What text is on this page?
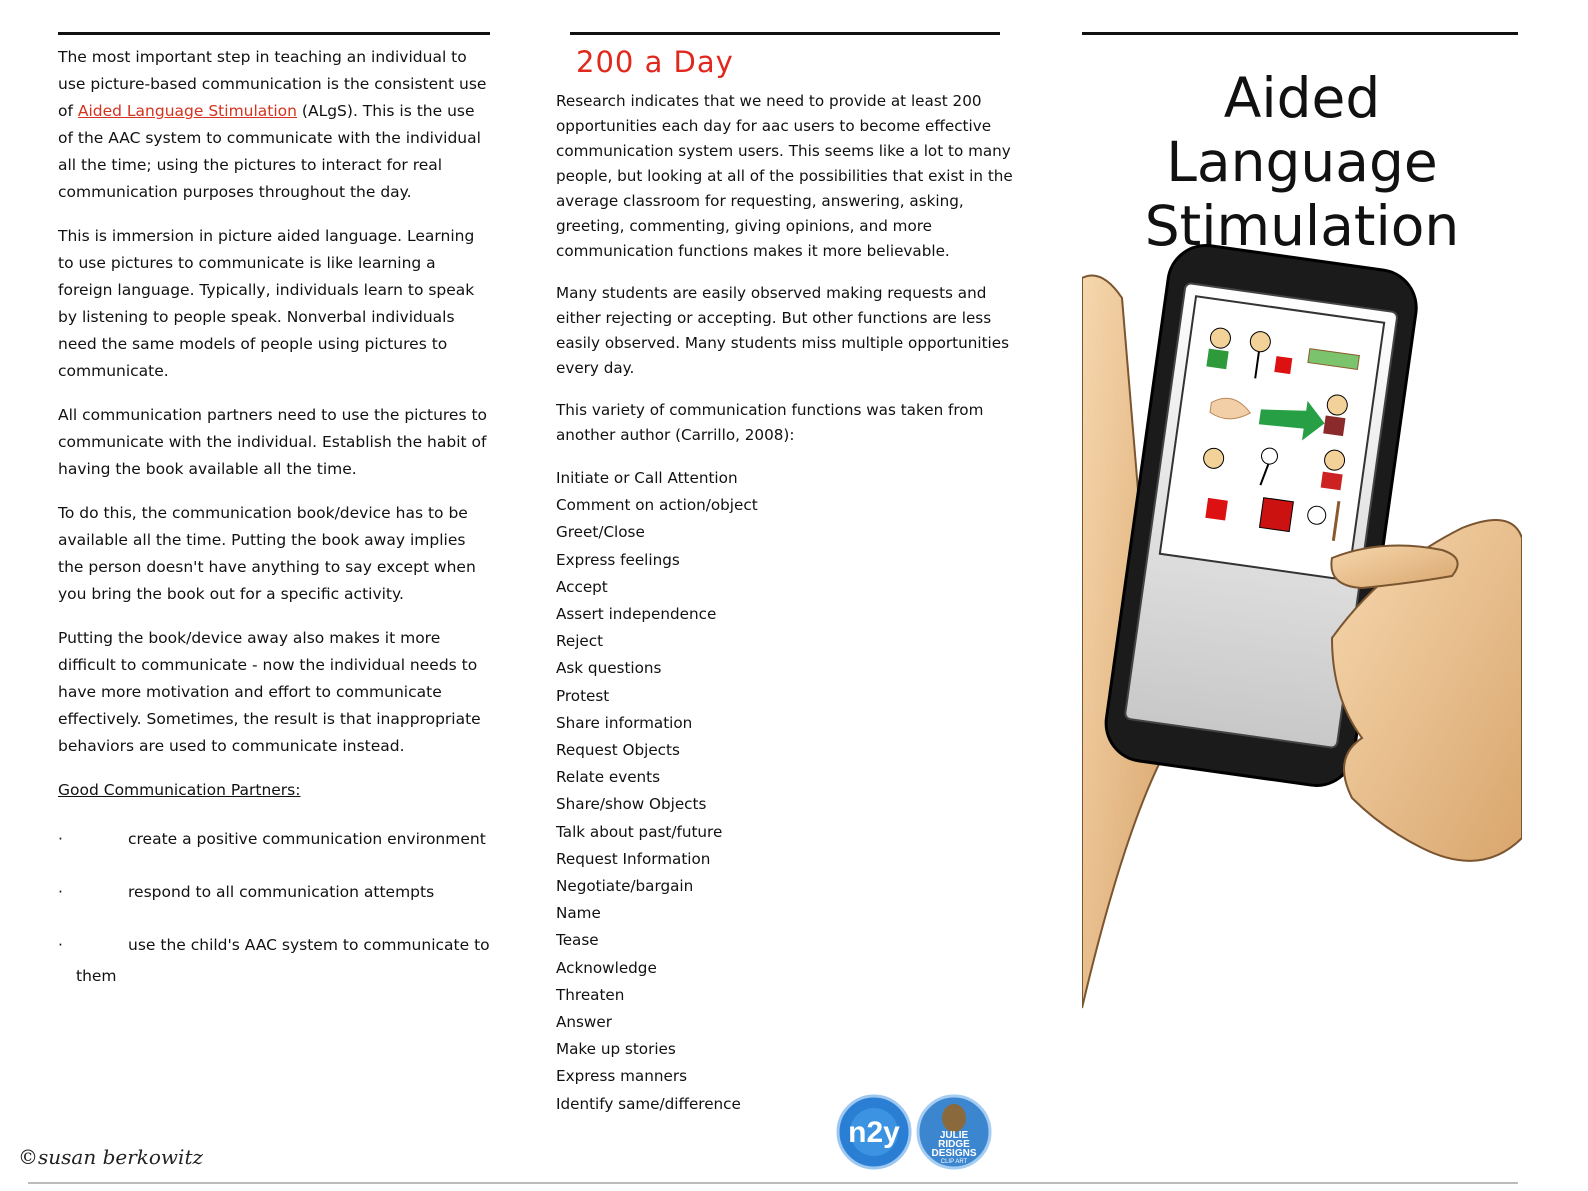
The most important step in teaching an individual to use picture-based communication is the consistent use of Aided Language Stimulation (ALgS). This is the use of the AAC system to communicate with the individual all the time; using the pictures to interact for real communication purposes throughout the day.

This is immersion in picture aided language. Learning to use pictures to communicate is like learning a foreign language. Typically, individuals learn to speak by listening to people speak. Nonverbal individuals need the same models of people using pictures to communicate.

All communication partners need to use the pictures to communicate with the individual. Establish the habit of having the book available all the time.

To do this, the communication book/device has to be available all the time. Putting the book away implies the person doesn't have anything to say except when you bring the book out for a specific activity.

Putting the book/device away also makes it more difficult to communicate - now the individual needs to have more motivation and effort to communicate effectively. Sometimes, the result is that inappropriate behaviors are used to communicate instead.

Good Communication Partners:

·	create a positive communication environment
·	respond to all communication attempts
·	use the child's AAC system to communicate to
them
200 a Day

Research indicates that we need to provide at least 200 opportunities each day for aac users to become effective communication system users. This seems like a lot to many people, but looking at all of the possibilities that exist in the average classroom for requesting, answering, asking, greeting, commenting, giving opinions, and more communication functions makes it more believable.

Many students are easily observed making requests and either rejecting or accepting. But other functions are less easily observed. Many students miss multiple opportunities every day.

This variety of communication functions was taken from another author (Carrillo, 2008):

Initiate or Call Attention
Comment on action/object
Greet/Close
Express feelings
Accept
Assert independence
Reject
Ask questions
Protest
Share information
Request Objects
Relate events
Share/show Objects
Talk about past/future
Request Information
Negotiate/bargain
Name
Tease
Acknowledge
Threaten
Answer
Make up stories
Express manners
Identify same/difference
Aided Language
Stimulation
n2y	JULIE
RIDGE
DESIGNS
CLIP ART
©susan berkowitz
